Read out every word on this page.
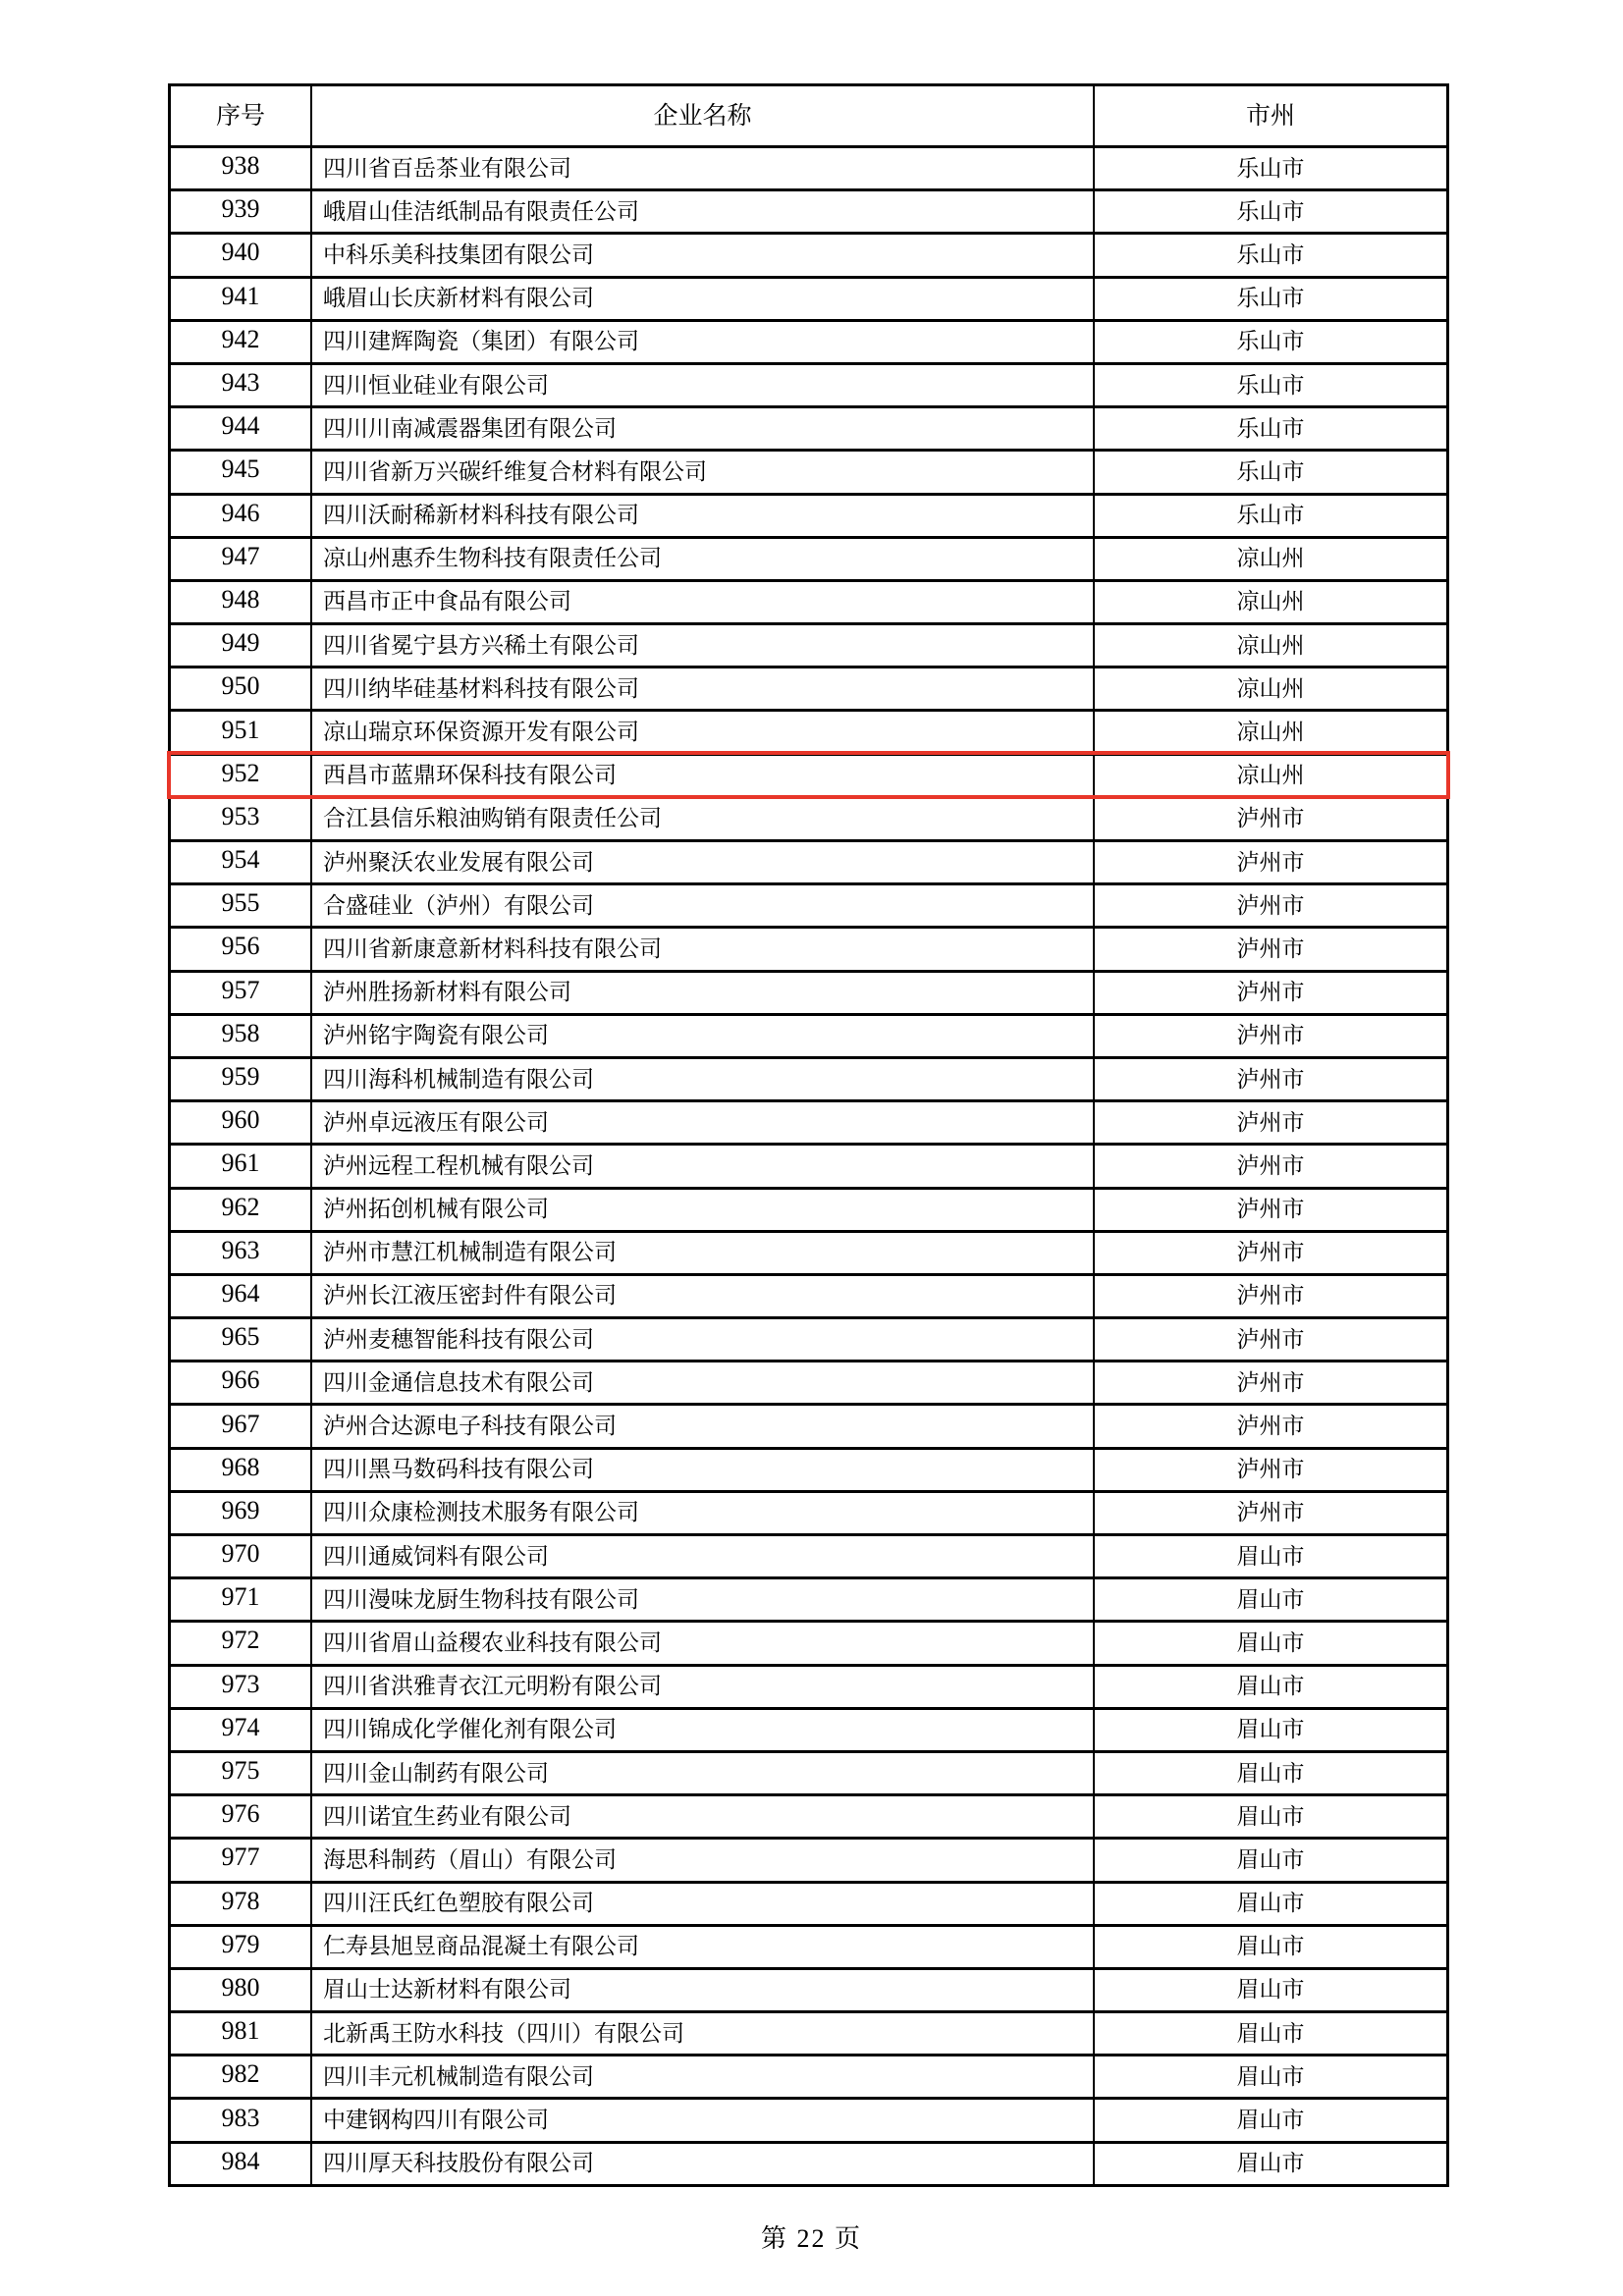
序号	企业名称	市州
938	四川省百岳茶业有限公司	乐山市
939	峨眉山佳洁纸制品有限责任公司	乐山市
940	中科乐美科技集团有限公司	乐山市
941	峨眉山长庆新材料有限公司	乐山市
942	四川建辉陶瓷（集团）有限公司	乐山市
943	四川恒业硅业有限公司	乐山市
944	四川川南减震器集团有限公司	乐山市
945	四川省新万兴碳纤维复合材料有限公司	乐山市
946	四川沃耐稀新材料科技有限公司	乐山市
947	凉山州惠乔生物科技有限责任公司	凉山州
948	西昌市正中食品有限公司	凉山州
949	四川省冕宁县方兴稀土有限公司	凉山州
950	四川纳毕硅基材料科技有限公司	凉山州
951	凉山瑞京环保资源开发有限公司	凉山州
952	西昌市蓝鼎环保科技有限公司	凉山州
953	合江县信乐粮油购销有限责任公司	泸州市
954	泸州聚沃农业发展有限公司	泸州市
955	合盛硅业（泸州）有限公司	泸州市
956	四川省新康意新材料科技有限公司	泸州市
957	泸州胜扬新材料有限公司	泸州市
958	泸州铭宇陶瓷有限公司	泸州市
959	四川海科机械制造有限公司	泸州市
960	泸州卓远液压有限公司	泸州市
961	泸州远程工程机械有限公司	泸州市
962	泸州拓创机械有限公司	泸州市
963	泸州市慧江机械制造有限公司	泸州市
964	泸州长江液压密封件有限公司	泸州市
965	泸州麦穗智能科技有限公司	泸州市
966	四川金通信息技术有限公司	泸州市
967	泸州合达源电子科技有限公司	泸州市
968	四川黑马数码科技有限公司	泸州市
969	四川众康检测技术服务有限公司	泸州市
970	四川通威饲料有限公司	眉山市
971	四川漫味龙厨生物科技有限公司	眉山市
972	四川省眉山益稷农业科技有限公司	眉山市
973	四川省洪雅青衣江元明粉有限公司	眉山市
974	四川锦成化学催化剂有限公司	眉山市
975	四川金山制药有限公司	眉山市
976	四川诺宜生药业有限公司	眉山市
977	海思科制药（眉山）有限公司	眉山市
978	四川汪氏红色塑胶有限公司	眉山市
979	仁寿县旭昱商品混凝土有限公司	眉山市
980	眉山士达新材料有限公司	眉山市
981	北新禹王防水科技（四川）有限公司	眉山市
982	四川丰元机械制造有限公司	眉山市
983	中建钢构四川有限公司	眉山市
984	四川厚天科技股份有限公司	眉山市
第 22 页
